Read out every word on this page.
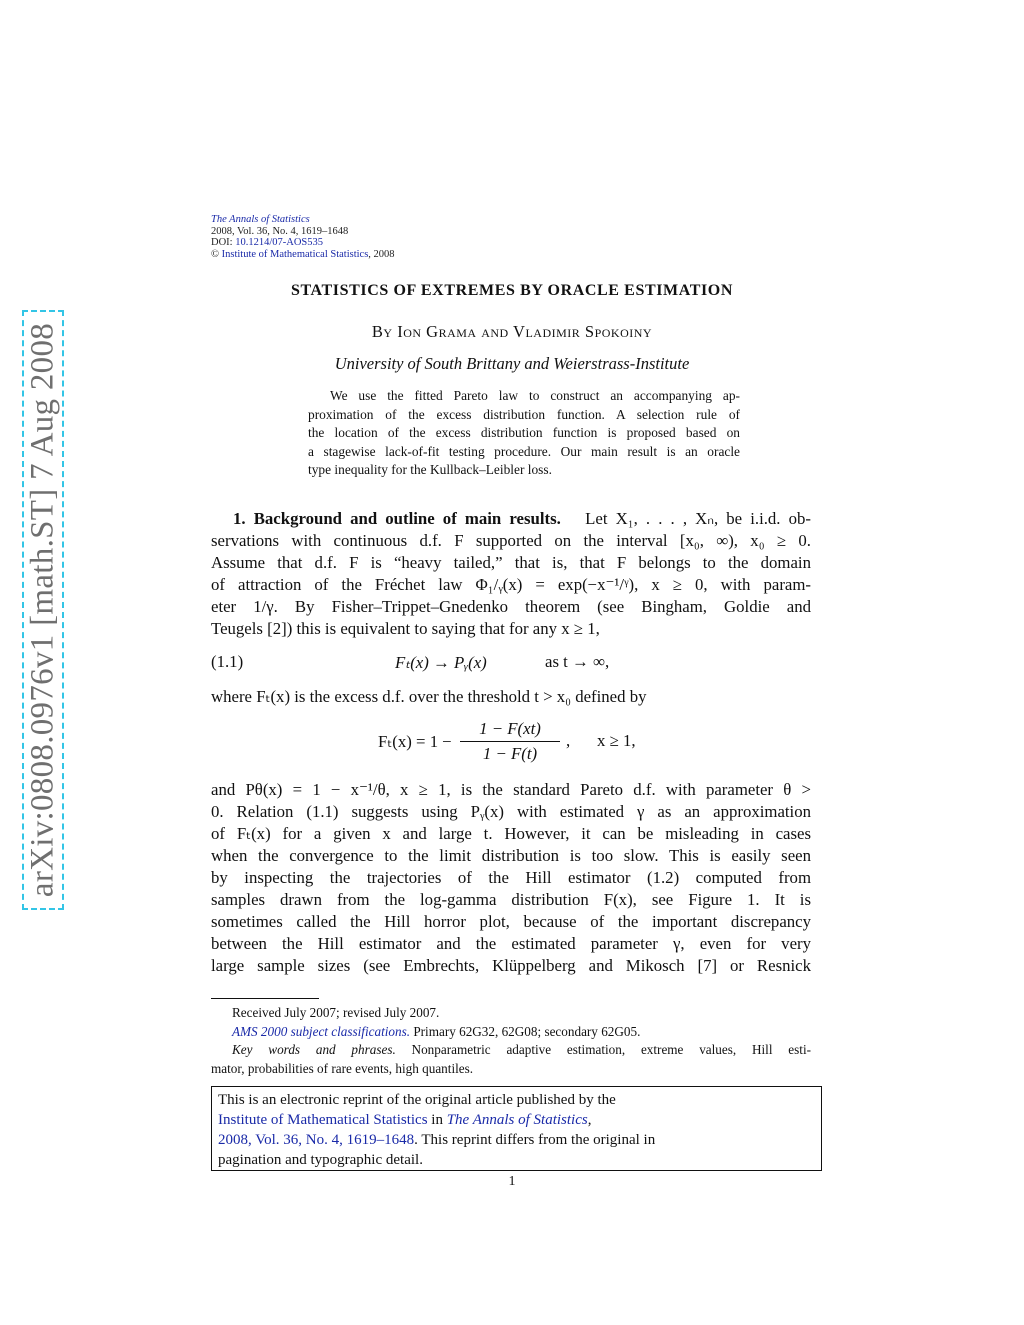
arXiv:0808.0976v1 [math.ST] 7 Aug 2008
The Annals of Statistics
2008, Vol. 36, No. 4, 1619–1648
DOI: 10.1214/07-AOS535
© Institute of Mathematical Statistics, 2008
STATISTICS OF EXTREMES BY ORACLE ESTIMATION
By Ion Grama and Vladimir Spokoiny
University of South Brittany and Weierstrass-Institute
We use the fitted Pareto law to construct an accompanying ap-
proximation of the excess distribution function. A selection rule of
the location of the excess distribution function is proposed based on
a stagewise lack-of-fit testing procedure. Our main result is an oracle
type inequality for the Kullback–Leibler loss.
1. Background and outline of main results. Let X₁, . . . , Xₙ, be i.i.d. ob-
servations with continuous d.f. F supported on the interval [x₀, ∞), x₀ ≥ 0.
Assume that d.f. F is “heavy tailed,” that is, that F belongs to the domain
of attraction of the Fréchet law Φ₁/ᵧ(x) = exp(−x⁻¹/ᵞ), x ≥ 0, with param-
eter 1/γ. By Fisher–Trippet–Gnedenko theorem (see Bingham, Goldie and
Teugels [2]) this is equivalent to saying that for any x ≥ 1,
(1.1)	Fₜ(x) → Pᵧ(x)	as t → ∞,
where Fₜ(x) is the excess d.f. over the threshold t > x₀ defined by
Fₜ(x) = 1 −
1 − F(xt)
1 − F(t)
, x ≥ 1,
and Pθ(x) = 1 − x⁻¹/θ, x ≥ 1, is the standard Pareto d.f. with parameter θ >
0. Relation (1.1) suggests using Pᵧ(x) with estimated γ as an approximation
of Fₜ(x) for a given x and large t. However, it can be misleading in cases
when the convergence to the limit distribution is too slow. This is easily seen
by inspecting the trajectories of the Hill estimator (1.2) computed from
samples drawn from the log-gamma distribution F(x), see Figure 1. It is
sometimes called the Hill horror plot, because of the important discrepancy
between the Hill estimator and the estimated parameter γ, even for very
large sample sizes (see Embrechts, Klüppelberg and Mikosch [7] or Resnick
Received July 2007; revised July 2007.
AMS 2000 subject classifications. Primary 62G32, 62G08; secondary 62G05.
Key words and phrases. Nonparametric adaptive estimation, extreme values, Hill esti-
mator, probabilities of rare events, high quantiles.
This is an electronic reprint of the original article published by the
Institute of Mathematical Statistics in The Annals of Statistics,
2008, Vol. 36, No. 4, 1619–1648. This reprint differs from the original in
pagination and typographic detail.
1
